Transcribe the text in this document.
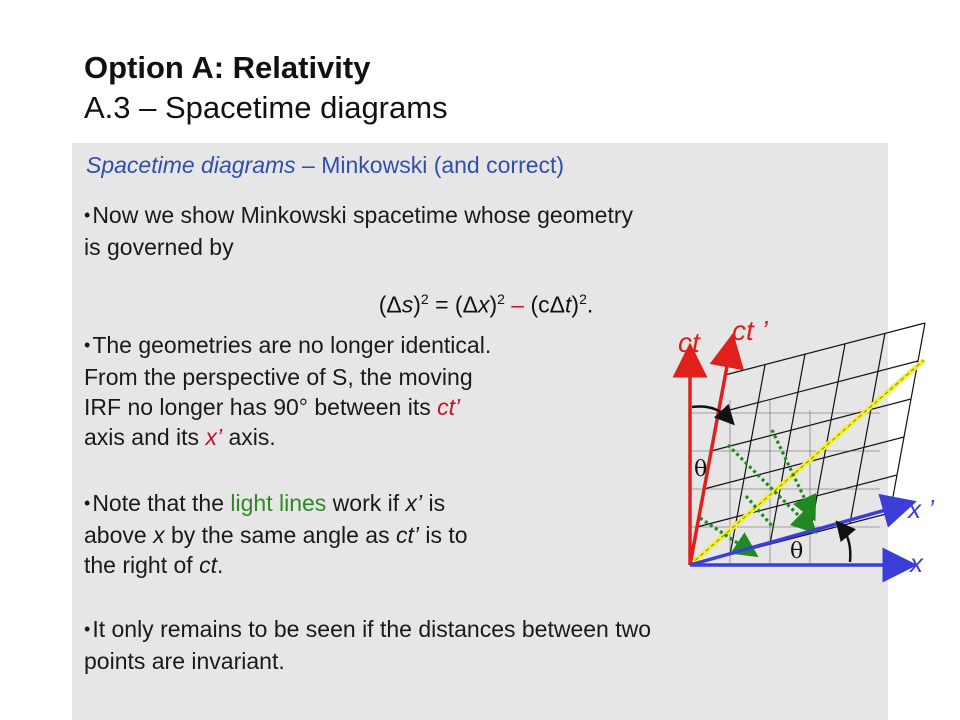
Option A: Relativity
A.3 – Spacetime diagrams
Spacetime diagrams – Minkowski (and correct)
•Now we show Minkowski spacetime whose geometry
is governed by
$(\Delta s)^2 = (\Delta x)^2 - (c\Delta t)^2$.
•The geometries are no longer identical.
From the perspective of S, the moving
IRF no longer has 90° between its ct’
axis and its x’ axis.
•Note that the light lines work if x’ is
above x by the same angle as ct’ is to
the right of ct.
•It only remains to be seen if the distances between two
points are invariant.
ct ct ’
x ’
x
θ
θ
